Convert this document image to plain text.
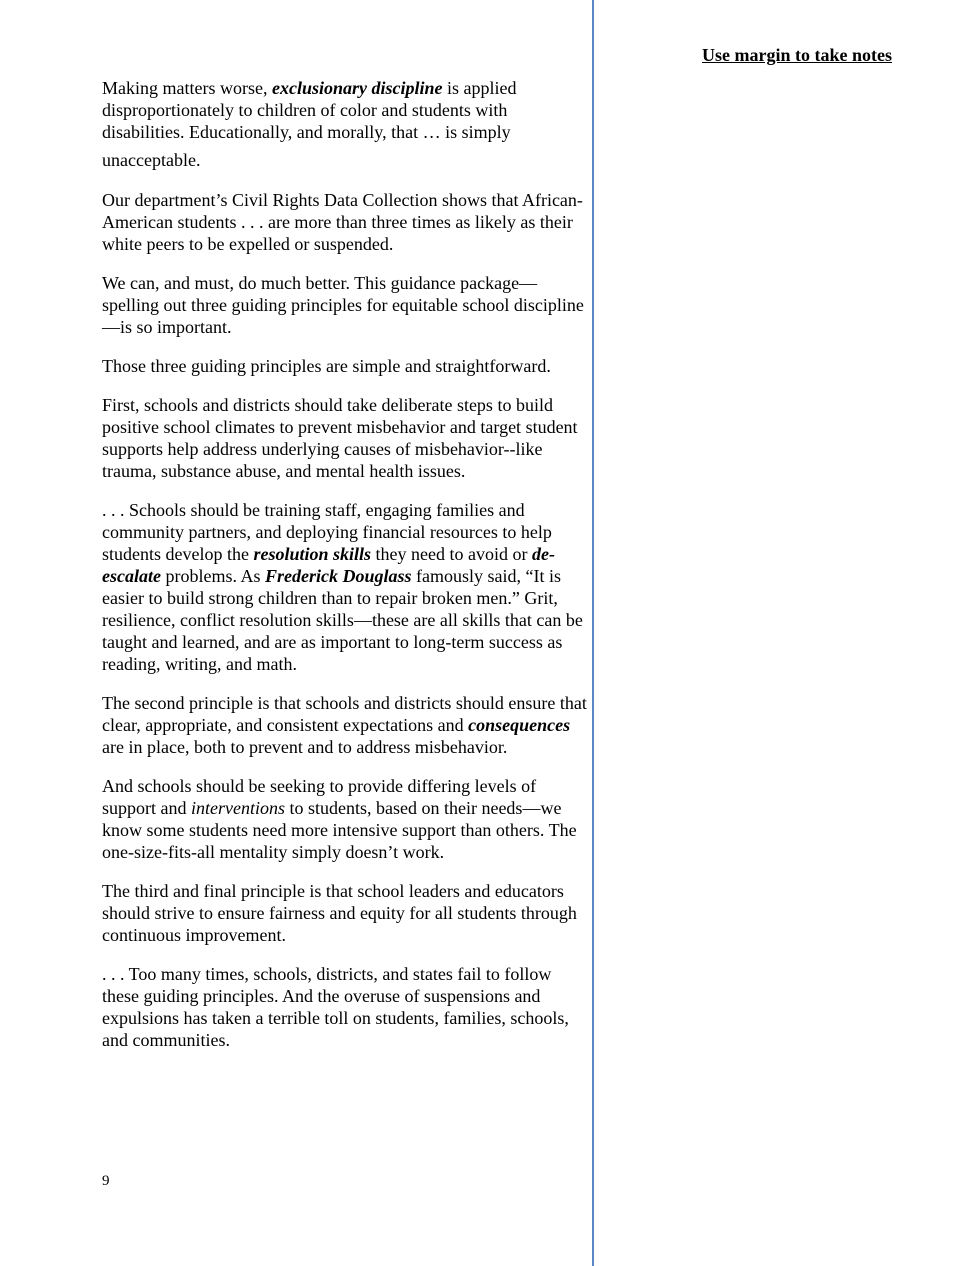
Use margin to take notes

Making matters worse, exclusionary discipline is applied disproportionately to children of color and students with disabilities. Educationally, and morally, that … is simply
unacceptable.

Our department’s Civil Rights Data Collection shows that African-American students . . . are more than three times as likely as their white peers to be expelled or suspended.

We can, and must, do much better. This guidance package—spelling out three guiding principles for equitable school discipline—is so important.

Those three guiding principles are simple and straightforward.

First, schools and districts should take deliberate steps to build positive school climates to prevent misbehavior and target student supports help address underlying causes of misbehavior--like trauma, substance abuse, and mental health issues.

. . . Schools should be training staff, engaging families and community partners, and deploying financial resources to help students develop the resolution skills they need to avoid or de-escalate problems. As Frederick Douglass famously said, “It is easier to build strong children than to repair broken men.” Grit, resilience, conflict resolution skills—these are all skills that can be taught and learned, and are as important to long-term success as reading, writing, and math.

The second principle is that schools and districts should ensure that clear, appropriate, and consistent expectations and consequences are in place, both to prevent and to address misbehavior.

And schools should be seeking to provide differing levels of support and interventions to students, based on their needs—we know some students need more intensive support than others. The one-size-fits-all mentality simply doesn’t work.

The third and final principle is that school leaders and educators should strive to ensure fairness and equity for all students through continuous improvement.

. . . Too many times, schools, districts, and states fail to follow these guiding principles. And the overuse of suspensions and expulsions has taken a terrible toll on students, families, schools, and communities.

9
